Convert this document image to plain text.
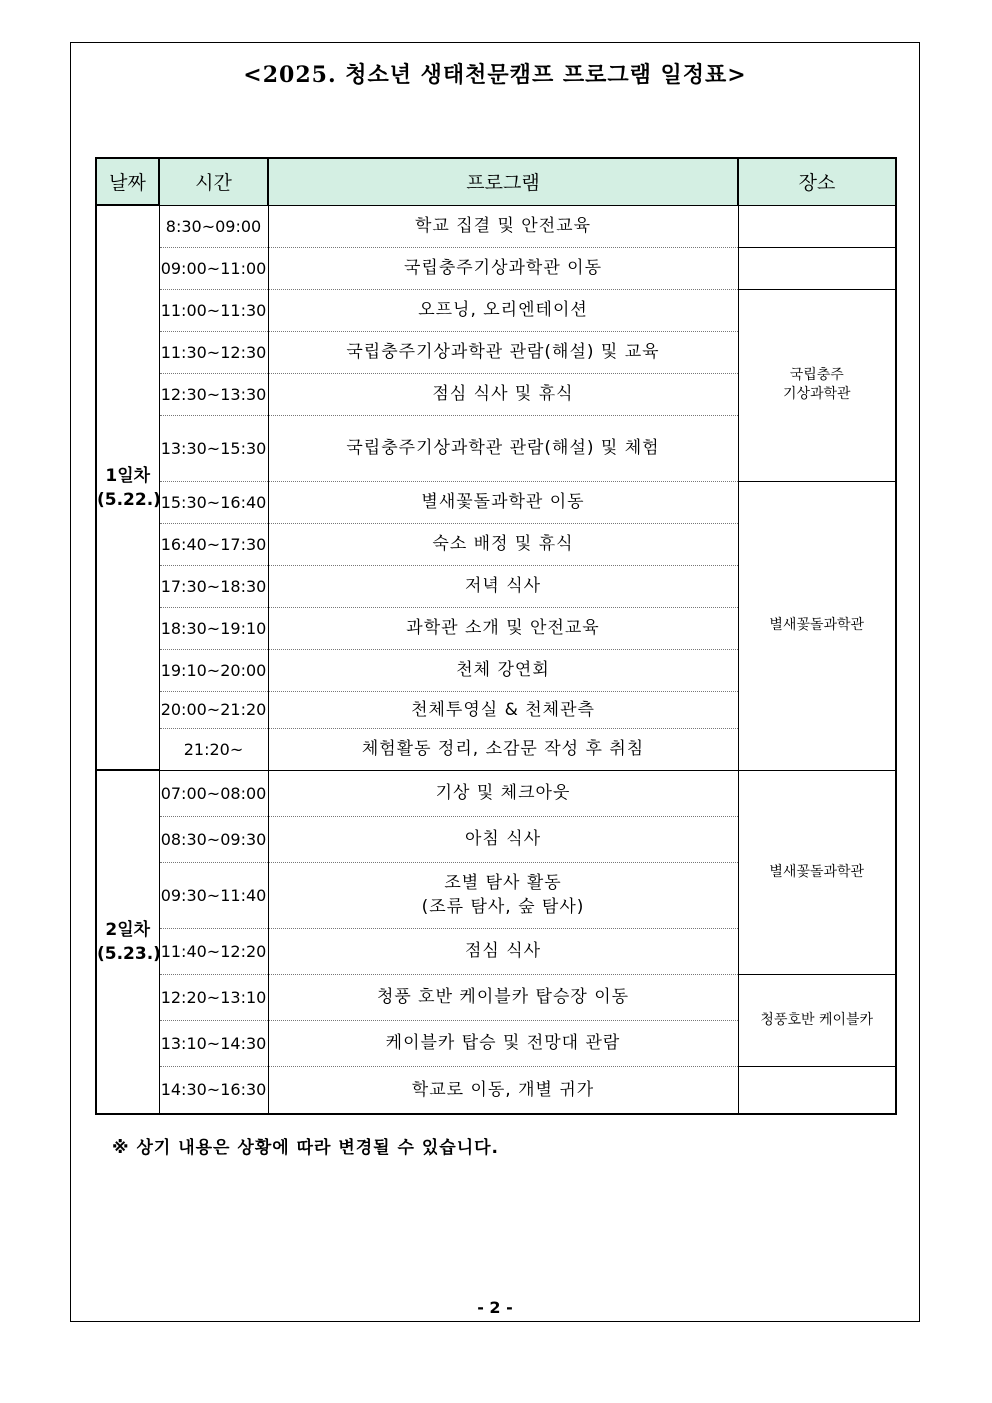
<2025. 청소년 생태천문캠프 프로그램 일정표>
날짜	시간	프로그램	장소

1일차
(5.22.)	8:30~09:00	학교 집결 및 안전교육	
	09:00~11:00	국립충주기상과학관 이동	
	11:00~11:30	오프닝, 오리엔테이션	국립충주
기상과학관

	11:30~12:30	국립충주기상과학관 관람(해설) 및 교육	
	12:30~13:30	점심 식사 및 휴식	
	13:30~15:30	국립충주기상과학관 관람(해설) 및 체험	
	15:30~16:40	별새꽃돌과학관 이동	별새꽃돌과학관
	16:40~17:30	숙소 배정 및 휴식	
	17:30~18:30	저녁 식사	
	18:30~19:10	과학관 소개 및 안전교육	
	19:10~20:00	천체 강연회	
	20:00~21:20	천체투영실 & 천체관측	
	21:20~	체험활동 정리, 소감문 작성 후 취침	

2일차
(5.23.)	07:00~08:00	기상 및 체크아웃	별새꽃돌과학관
	08:30~09:30	아침 식사	
	09:30~11:40	조별 탐사 활동
(조류 탐사, 숲 탐사)	

	11:40~12:20	점심 식사	
	12:20~13:10	청풍 호반 케이블카 탑승장 이동	청풍호반 케이블카
	13:10~14:30	케이블카 탑승 및 전망대 관람	
	14:30~16:30	학교로 이동, 개별 귀가	
※ 상기 내용은 상황에 따라 변경될 수 있습니다.
- 2 -
